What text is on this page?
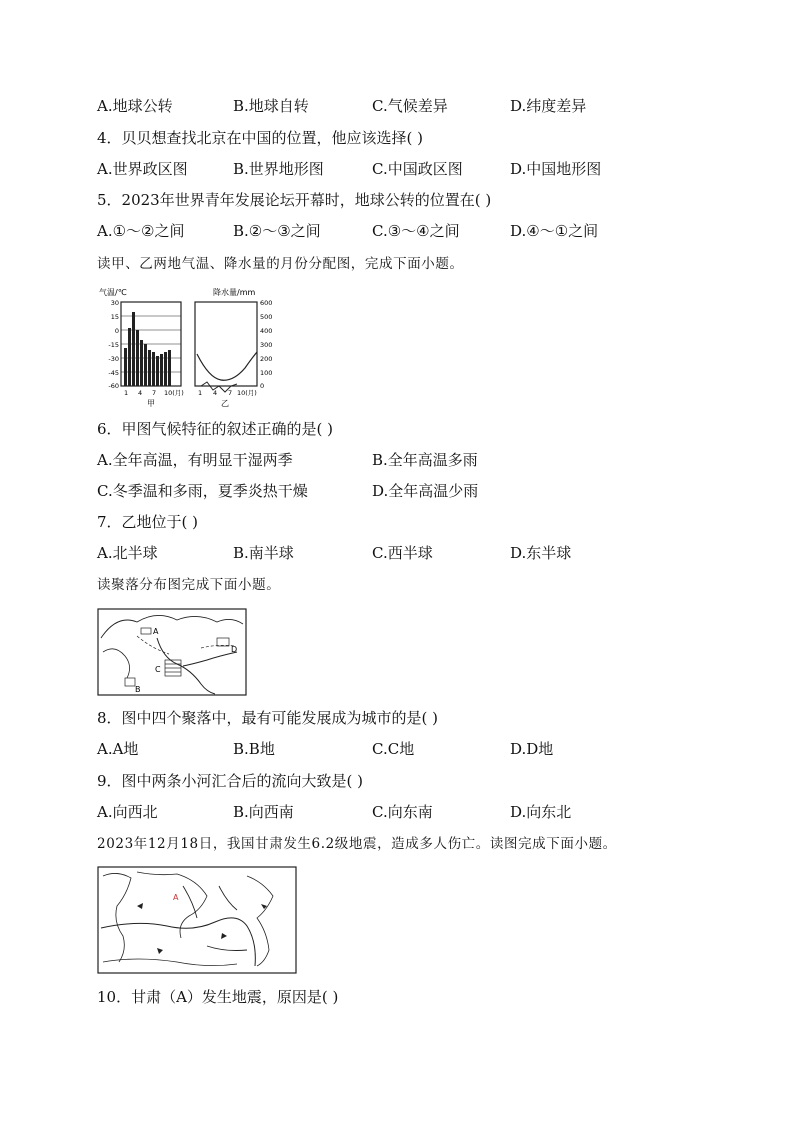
A.地球公转	B.地球自转	C.气候差异	D.纬度差异
4．贝贝想查找北京在中国的位置，他应该选择( )
A.世界政区图	B.世界地形图	C.中国政区图	D.中国地形图
5．2023年世界青年发展论坛开幕时，地球公转的位置在( )
A.①～②之间	B.②～③之间	C.③～④之间	D.④～①之间
读甲、乙两地气温、降水量的月份分配图，完成下面小题。
气温/℃
30
15
0
-15
-30
-45
-60
1 4 7 10(月)
甲
降水量/mm
600
500
400
300
200
100
0
1 4 7 10(月)
乙
6．甲图气候特征的叙述正确的是( )
A.全年高温，有明显干湿两季	B.全年高温多雨
C.冬季温和多雨，夏季炎热干燥	D.全年高温少雨
7．乙地位于( )
A.北半球	B.南半球	C.西半球	D.东半球
读聚落分布图完成下面小题。
A
B
C
D
8．图中四个聚落中，最有可能发展成为城市的是( )
A.A地	B.B地	C.C地	D.D地
9．图中两条小河汇合后的流向大致是( )
A.向西北	B.向西南	C.向东南	D.向东北
2023年12月18日，我国甘肃发生6.2级地震，造成多人伤亡。读图完成下面小题。
A
10．甘肃（A）发生地震，原因是( )
